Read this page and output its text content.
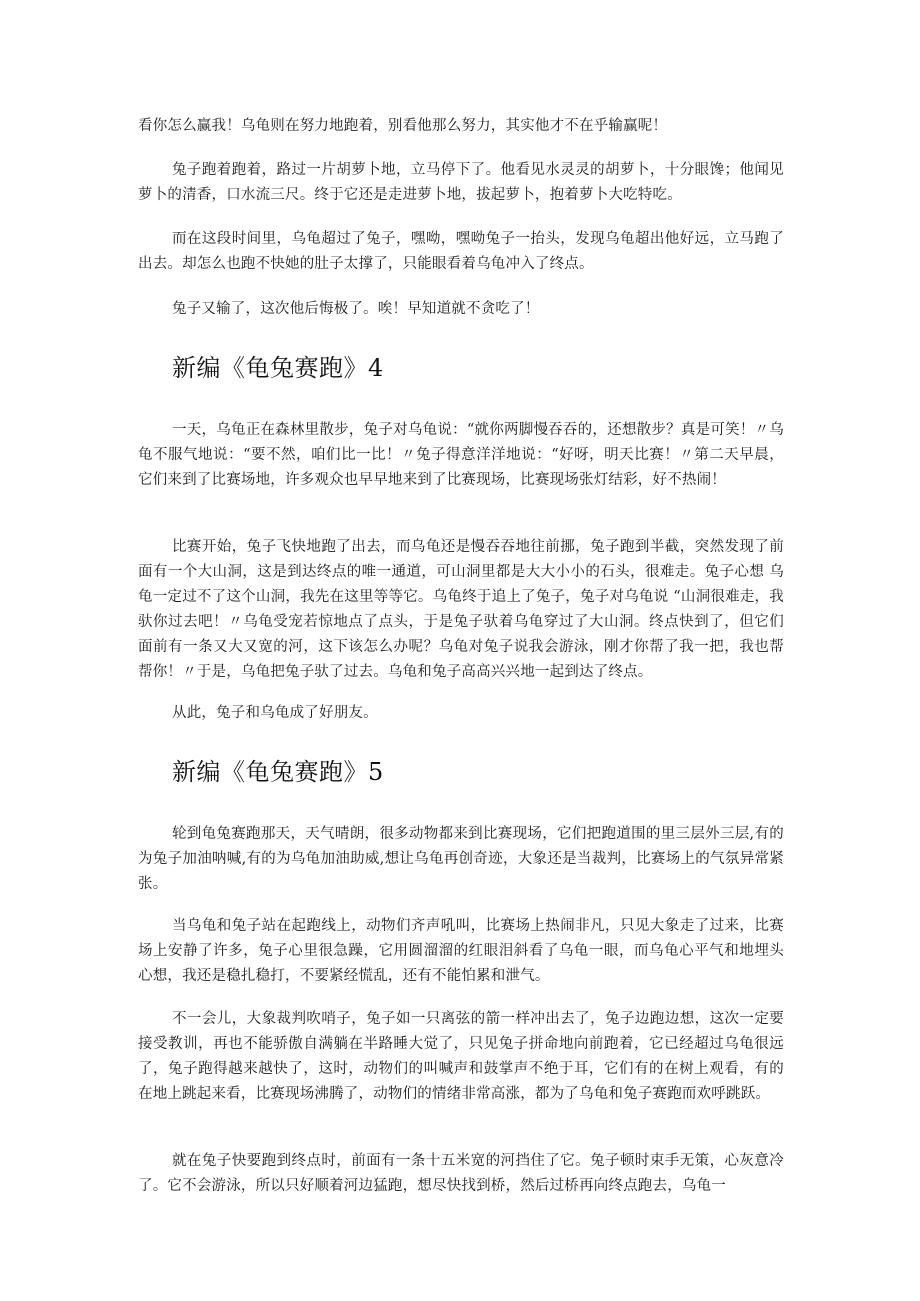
看你怎么赢我！乌龟则在努力地跑着，别看他那么努力，其实他才不在乎输赢呢！

兔子跑着跑着，路过一片胡萝卜地，立马停下了。他看见水灵灵的胡萝卜，十分眼馋；他闻见萝卜的清香，口水流三尺。终于它还是走进萝卜地，拔起萝卜，抱着萝卜大吃特吃。

而在这段时间里，乌龟超过了兔子，嘿呦，嘿呦兔子一抬头，发现乌龟超出他好远，立马跑了出去。却怎么也跑不快她的肚子太撑了，只能眼看着乌龟冲入了终点。

兔子又输了，这次他后悔极了。唉！早知道就不贪吃了！

新编《龟兔赛跑》4

一天，乌龟正在森林里散步，兔子对乌龟说：“就你两脚慢吞吞的，还想散步？真是可笑！〃乌龟不服气地说：“要不然，咱们比一比！〃兔子得意洋洋地说：“好呀，明天比赛！〃第二天早晨，它们来到了比赛场地，许多观众也早早地来到了比赛现场，比赛现场张灯结彩，好不热闹！

比赛开始，兔子飞快地跑了出去，而乌龟还是慢吞吞地往前挪，兔子跑到半截，突然发现了前面有一个大山洞，这是到达终点的唯一通道，可山洞里都是大大小小的石头，很难走。兔子心想 乌龟一定过不了这个山洞，我先在这里等等它。乌龟终于追上了兔子，兔子对乌龟说 “山洞很难走，我驮你过去吧！〃乌龟受宠若惊地点了点头，于是兔子驮着乌龟穿过了大山洞。终点快到了，但它们面前有一条又大又宽的河，这下该怎么办呢？乌龟对兔子说我会游泳，刚才你帮了我一把，我也帮帮你！〃于是，乌龟把兔子驮了过去。乌龟和兔子高高兴兴地一起到达了终点。

从此，兔子和乌龟成了好朋友。

新编《龟兔赛跑》5

轮到龟兔赛跑那天，天气晴朗，很多动物都来到比赛现场，它们把跑道围的里三层外三层,有的为兔子加油呐喊,有的为乌龟加油助威,想让乌龟再创奇迹，大象还是当裁判，比赛场上的气氛异常紧张。

当乌龟和兔子站在起跑线上，动物们齐声吼叫，比赛场上热闹非凡，只见大象走了过来，比赛场上安静了许多，兔子心里很急躁，它用圆溜溜的红眼泪斜看了乌龟一眼，而乌龟心平气和地埋头心想，我还是稳扎稳打，不要紧经慌乱，还有不能怕累和泄气。

不一会儿，大象裁判吹哨子，兔子如一只离弦的箭一样冲出去了，兔子边跑边想，这次一定要接受教训，再也不能骄傲自满躺在半路睡大觉了，只见兔子拼命地向前跑着，它已经超过乌龟很远了，兔子跑得越来越快了，这时，动物们的叫喊声和鼓掌声不绝于耳，它们有的在树上观看，有的在地上跳起来看，比赛现场沸腾了，动物们的情绪非常高涨，都为了乌龟和兔子赛跑而欢呼跳跃。

就在兔子快要跑到终点时，前面有一条十五米宽的河挡住了它。兔子顿时束手无策，心灰意冷了。它不会游泳，所以只好顺着河边猛跑，想尽快找到桥，然后过桥再向终点跑去，乌龟一
